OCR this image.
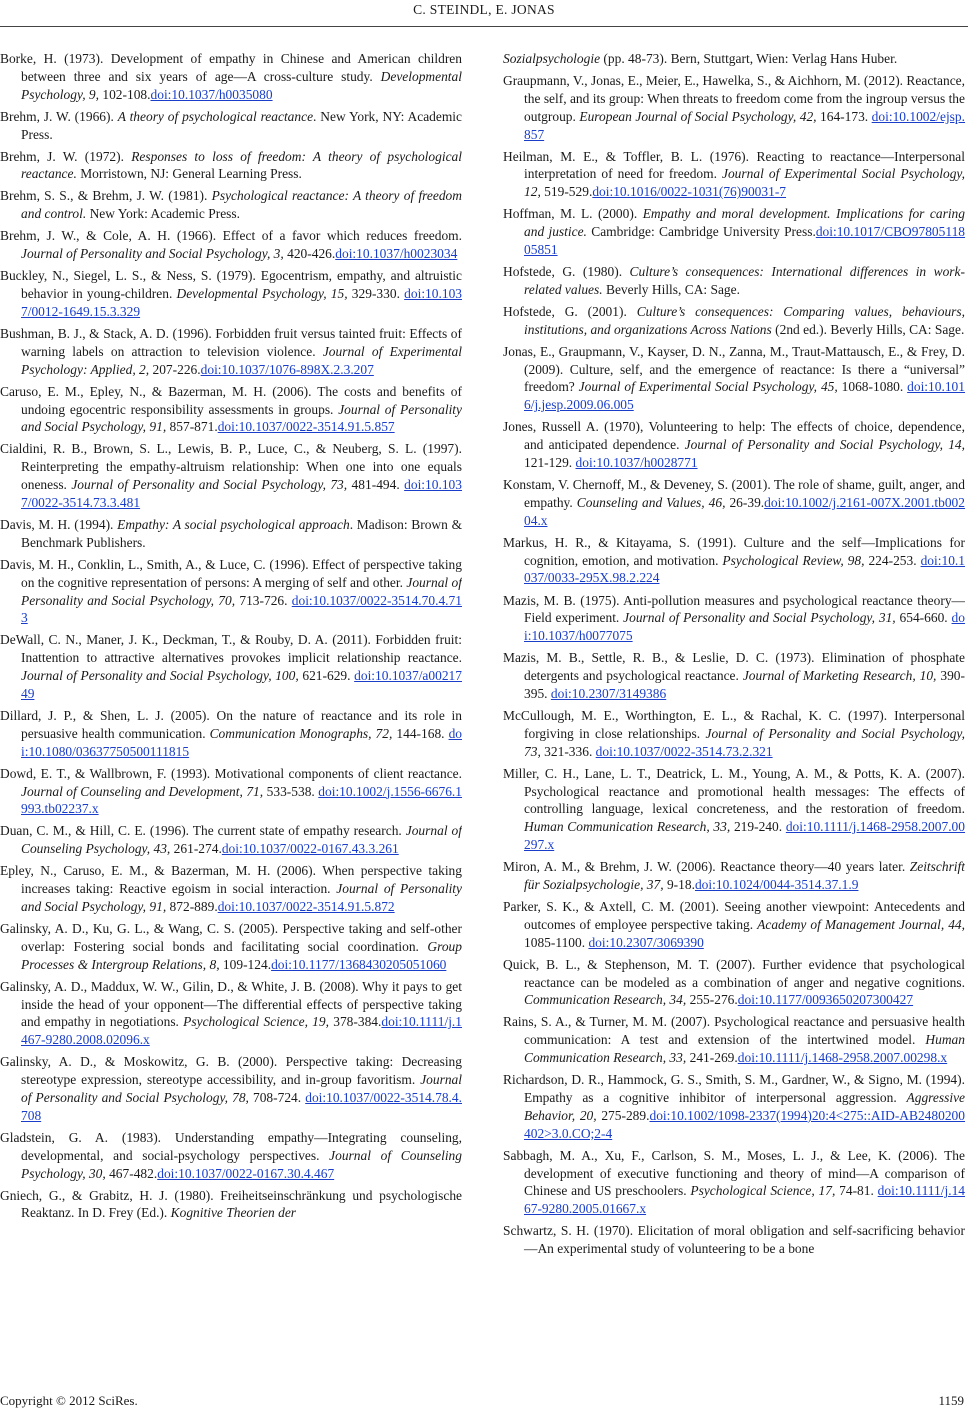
C. STEINDL, E. JONAS

Borke, H. (1973). Development of empathy in Chinese and American children between three and six years of age—A cross-culture study. Developmental Psychology, 9, 102-108.doi:10.1037/h0035080

Brehm, J. W. (1966). A theory of psychological reactance. New York, NY: Academic Press.

Brehm, J. W. (1972). Responses to loss of freedom: A theory of psychological reactance. Morristown, NJ: General Learning Press.

Brehm, S. S., & Brehm, J. W. (1981). Psychological reactance: A theory of freedom and control. New York: Academic Press.

Brehm, J. W., & Cole, A. H. (1966). Effect of a favor which reduces freedom. Journal of Personality and Social Psychology, 3, 420-426.doi:10.1037/h0023034

Buckley, N., Siegel, L. S., & Ness, S. (1979). Egocentrism, empathy, and altruistic behavior in young-children. Developmental Psychology, 15, 329-330. doi:10.1037/0012-1649.15.3.329

Bushman, B. J., & Stack, A. D. (1996). Forbidden fruit versus tainted fruit: Effects of warning labels on attraction to television violence. Journal of Experimental Psychology: Applied, 2, 207-226.doi:10.1037/1076-898X.2.3.207

Caruso, E. M., Epley, N., & Bazerman, M. H. (2006). The costs and benefits of undoing egocentric responsibility assessments in groups. Journal of Personality and Social Psychology, 91, 857-871.doi:10.1037/0022-3514.91.5.857

Cialdini, R. B., Brown, S. L., Lewis, B. P., Luce, C., & Neuberg, S. L. (1997). Reinterpreting the empathy-altruism relationship: When one into one equals oneness. Journal of Personality and Social Psychology, 73, 481-494. doi:10.1037/0022-3514.73.3.481

Davis, M. H. (1994). Empathy: A social psychological approach. Madison: Brown & Benchmark Publishers.

Davis, M. H., Conklin, L., Smith, A., & Luce, C. (1996). Effect of perspective taking on the cognitive representation of persons: A merging of self and other. Journal of Personality and Social Psychology, 70, 713-726. doi:10.1037/0022-3514.70.4.713

DeWall, C. N., Maner, J. K., Deckman, T., & Rouby, D. A. (2011). Forbidden fruit: Inattention to attractive alternatives provokes implicit relationship reactance. Journal of Personality and Social Psychology, 100, 621-629. doi:10.1037/a0021749

Dillard, J. P., & Shen, L. J. (2005). On the nature of reactance and its role in persuasive health communication. Communication Monographs, 72, 144-168. doi:10.1080/03637750500111815

Dowd, E. T., & Wallbrown, F. (1993). Motivational components of client reactance. Journal of Counseling and Development, 71, 533-538. doi:10.1002/j.1556-6676.1993.tb02237.x

Duan, C. M., & Hill, C. E. (1996). The current state of empathy research. Journal of Counseling Psychology, 43, 261-274.doi:10.1037/0022-0167.43.3.261

Epley, N., Caruso, E. M., & Bazerman, M. H. (2006). When perspective taking increases taking: Reactive egoism in social interaction. Journal of Personality and Social Psychology, 91, 872-889.doi:10.1037/0022-3514.91.5.872

Galinsky, A. D., Ku, G. L., & Wang, C. S. (2005). Perspective taking and self-other overlap: Fostering social bonds and facilitating social coordination. Group Processes & Intergroup Relations, 8, 109-124.doi:10.1177/1368430205051060

Galinsky, A. D., Maddux, W. W., Gilin, D., & White, J. B. (2008). Why it pays to get inside the head of your opponent—The differential effects of perspective taking and empathy in negotiations. Psychological Science, 19, 378-384.doi:10.1111/j.1467-9280.2008.02096.x

Galinsky, A. D., & Moskowitz, G. B. (2000). Perspective taking: Decreasing stereotype expression, stereotype accessibility, and in-group favoritism. Journal of Personality and Social Psychology, 78, 708-724. doi:10.1037/0022-3514.78.4.708

Gladstein, G. A. (1983). Understanding empathy—Integrating counseling, developmental, and social-psychology perspectives. Journal of Counseling Psychology, 30, 467-482.doi:10.1037/0022-0167.30.4.467

Gniech, G., & Grabitz, H. J. (1980). Freiheitseinschränkung und psychologische Reaktanz. In D. Frey (Ed.). Kognitive Theorien der

Sozialpsychologie (pp. 48-73). Bern, Stuttgart, Wien: Verlag Hans Huber.

Graupmann, V., Jonas, E., Meier, E., Hawelka, S., & Aichhorn, M. (2012). Reactance, the self, and its group: When threats to freedom come from the ingroup versus the outgroup. European Journal of Social Psychology, 42, 164-173. doi:10.1002/ejsp.857

Heilman, M. E., & Toffler, B. L. (1976). Reacting to reactance—Interpersonal interpretation of need for freedom. Journal of Experimental Social Psychology, 12, 519-529.doi:10.1016/0022-1031(76)90031-7

Hoffman, M. L. (2000). Empathy and moral development. Implications for caring and justice. Cambridge: Cambridge University Press.doi:10.1017/CBO9780511805851

Hofstede, G. (1980). Culture’s consequences: International differences in work-related values. Beverly Hills, CA: Sage.

Hofstede, G. (2001). Culture’s consequences: Comparing values, behaviours, institutions, and organizations Across Nations (2nd ed.). Beverly Hills, CA: Sage.

Jonas, E., Graupmann, V., Kayser, D. N., Zanna, M., Traut-Mattausch, E., & Frey, D. (2009). Culture, self, and the emergence of reactance: Is there a “universal” freedom? Journal of Experimental Social Psychology, 45, 1068-1080. doi:10.1016/j.jesp.2009.06.005

Jones, Russell A. (1970), Volunteering to help: The effects of choice, dependence, and anticipated dependence. Journal of Personality and Social Psychology, 14, 121-129. doi:10.1037/h0028771

Konstam, V. Chernoff, M., & Deveney, S. (2001). The role of shame, guilt, anger, and empathy. Counseling and Values, 46, 26-39.doi:10.1002/j.2161-007X.2001.tb00204.x

Markus, H. R., & Kitayama, S. (1991). Culture and the self—Implications for cognition, emotion, and motivation. Psychological Review, 98, 224-253. doi:10.1037/0033-295X.98.2.224

Mazis, M. B. (1975). Anti-pollution measures and psychological reactance theory—Field experiment. Journal of Personality and Social Psychology, 31, 654-660. doi:10.1037/h0077075

Mazis, M. B., Settle, R. B., & Leslie, D. C. (1973). Elimination of phosphate detergents and psychological reactance. Journal of Marketing Research, 10, 390-395. doi:10.2307/3149386

McCullough, M. E., Worthington, E. L., & Rachal, K. C. (1997). Interpersonal forgiving in close relationships. Journal of Personality and Social Psychology, 73, 321-336. doi:10.1037/0022-3514.73.2.321

Miller, C. H., Lane, L. T., Deatrick, L. M., Young, A. M., & Potts, K. A. (2007). Psychological reactance and promotional health messages: The effects of controlling language, lexical concreteness, and the restoration of freedom. Human Communication Research, 33, 219-240. doi:10.1111/j.1468-2958.2007.00297.x

Miron, A. M., & Brehm, J. W. (2006). Reactance theory—40 years later. Zeitschrift für Sozialpsychologie, 37, 9-18.doi:10.1024/0044-3514.37.1.9

Parker, S. K., & Axtell, C. M. (2001). Seeing another viewpoint: Antecedents and outcomes of employee perspective taking. Academy of Management Journal, 44, 1085-1100. doi:10.2307/3069390

Quick, B. L., & Stephenson, M. T. (2007). Further evidence that psychological reactance can be modeled as a combination of anger and negative cognitions. Communication Research, 34, 255-276.doi:10.1177/0093650207300427

Rains, S. A., & Turner, M. M. (2007). Psychological reactance and persuasive health communication: A test and extension of the intertwined model. Human Communication Research, 33, 241-269.doi:10.1111/j.1468-2958.2007.00298.x

Richardson, D. R., Hammock, G. S., Smith, S. M., Gardner, W., & Signo, M. (1994). Empathy as a cognitive inhibitor of interpersonal aggression. Aggressive Behavior, 20, 275-289.doi:10.1002/1098-2337(1994)20:4<275::AID-AB2480200402>3.0.CO;2-4

Sabbagh, M. A., Xu, F., Carlson, S. M., Moses, L. J., & Lee, K. (2006). The development of executive functioning and theory of mind—A comparison of Chinese and US preschoolers. Psychological Science, 17, 74-81. doi:10.1111/j.1467-9280.2005.01667.x

Schwartz, S. H. (1970). Elicitation of moral obligation and self-sacrificing behavior—An experimental study of volunteering to be a bone

Copyright © 2012 SciRes.	1159
